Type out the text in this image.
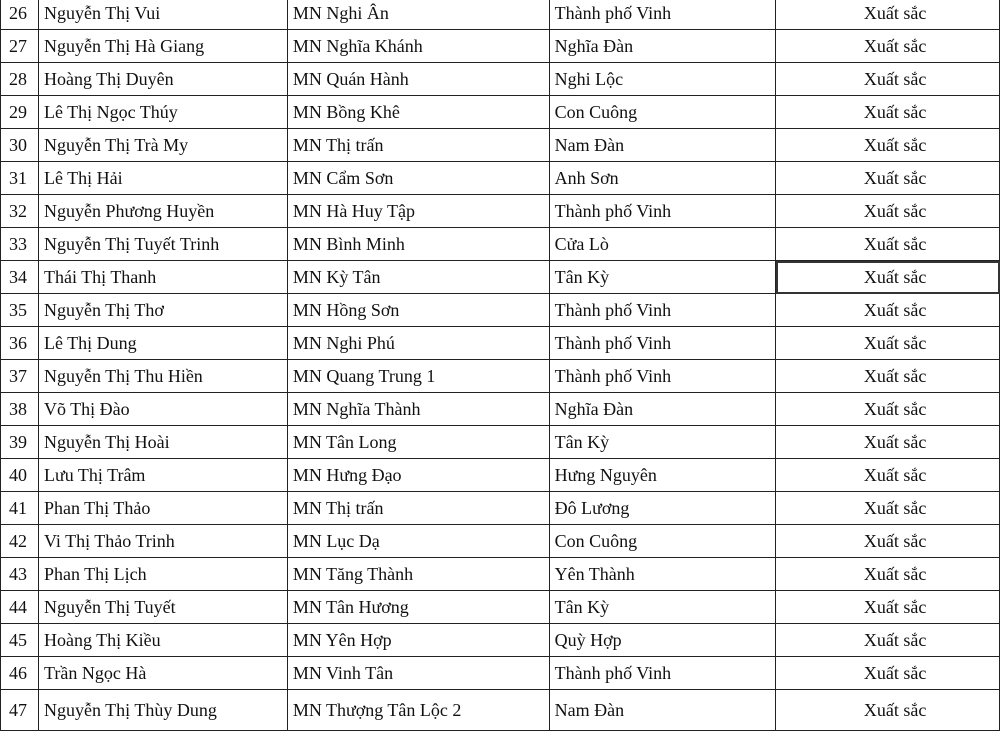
26	Nguyễn Thị Vui	MN Nghi Ân	Thành phố Vinh	Xuất sắc
27	Nguyễn Thị Hà Giang	MN Nghĩa Khánh	Nghĩa Đàn	Xuất sắc
28	Hoàng Thị Duyên	MN Quán Hành	Nghi Lộc	Xuất sắc
29	Lê Thị Ngọc Thúy	MN Bồng Khê	Con Cuông	Xuất sắc
30	Nguyễn Thị Trà My	MN Thị trấn	Nam Đàn	Xuất sắc
31	Lê Thị Hải	MN Cẩm Sơn	Anh Sơn	Xuất sắc
32	Nguyễn Phương Huyền	MN Hà Huy Tập	Thành phố Vinh	Xuất sắc
33	Nguyễn Thị Tuyết Trinh	MN Bình Minh	Cửa Lò	Xuất sắc
34	Thái Thị Thanh	MN Kỳ Tân	Tân Kỳ	Xuất sắc
35	Nguyễn Thị Thơ	MN Hồng Sơn	Thành phố Vinh	Xuất sắc
36	Lê Thị Dung	MN Nghi Phú	Thành phố Vinh	Xuất sắc
37	Nguyễn Thị Thu Hiền	MN Quang Trung 1	Thành phố Vinh	Xuất sắc
38	Võ Thị Đào	MN Nghĩa Thành	Nghĩa Đàn	Xuất sắc
39	Nguyễn Thị Hoài	MN Tân Long	Tân Kỳ	Xuất sắc
40	Lưu Thị Trâm	MN Hưng Đạo	Hưng Nguyên	Xuất sắc
41	Phan Thị Thảo	MN Thị trấn	Đô Lương	Xuất sắc
42	Vi Thị Thảo Trinh	MN Lục Dạ	Con Cuông	Xuất sắc
43	Phan Thị Lịch	MN Tăng Thành	Yên Thành	Xuất sắc
44	Nguyễn Thị Tuyết	MN Tân Hương	Tân Kỳ	Xuất sắc
45	Hoàng Thị Kiều	MN Yên Hợp	Quỳ Hợp	Xuất sắc
46	Trần Ngọc Hà	MN Vinh Tân	Thành phố Vinh	Xuất sắc
47	Nguyễn Thị Thùy Dung	MN Thượng Tân Lộc 2	Nam Đàn	Xuất sắc
